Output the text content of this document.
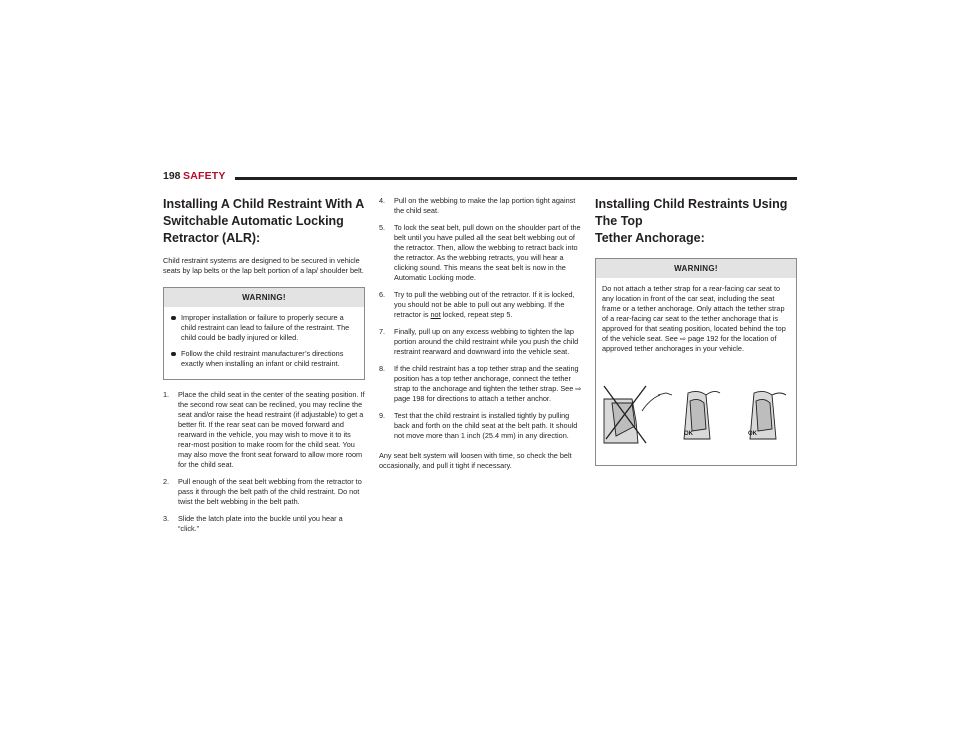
198 SAFETY
Installing A Child Restraint With A
Switchable Automatic Locking
Retractor (ALR):

Child restraint systems are designed to be secured in vehicle seats by lap belts or the lap belt portion of a lap/ shoulder belt.

WARNING!
Improper installation or failure to properly secure a child restraint can lead to failure of the restraint. The child could be badly injured or killed.
Follow the child restraint manufacturer’s directions exactly when installing an infant or child restraint.
1. Place the child seat in the center of the seating position. If the second row seat can be reclined, you may recline the seat and/or raise the head restraint (if adjustable) to get a better fit. If the rear seat can be moved forward and rearward in the vehicle, you may wish to move it to its rear-most position to make room for the child seat. You may also move the front seat forward to allow more room for the child seat.
2. Pull enough of the seat belt webbing from the retractor to pass it through the belt path of the child restraint. Do not twist the belt webbing in the belt path.
3. Slide the latch plate into the buckle until you hear a “click.”
4. Pull on the webbing to make the lap portion tight against the child seat.
5. To lock the seat belt, pull down on the shoulder part of the belt until you have pulled all the seat belt webbing out of the retractor. Then, allow the webbing to retract back into the retractor. As the webbing retracts, you will hear a clicking sound. This means the seat belt is now in the Automatic Locking mode.
6. Try to pull the webbing out of the retractor. If it is locked, you should not be able to pull out any webbing. If the retractor is not locked, repeat step 5.
7. Finally, pull up on any excess webbing to tighten the lap portion around the child restraint while you push the child restraint rearward and downward into the vehicle seat.
8. If the child restraint has a top tether strap and the seating position has a top tether anchorage, connect the tether strap to the anchorage and tighten the tether strap. See ⇨ page 198 for directions to attach a tether anchor.
9. Test that the child restraint is installed tightly by pulling back and forth on the child seat at the belt path. It should not move more than 1 inch (25.4 mm) in any direction.

Any seat belt system will loosen with time, so check the belt occasionally, and pull it tight if necessary.

Installing Child Restraints Using The Top
Tether Anchorage:
WARNING!

Do not attach a tether strap for a rear-facing car seat to any location in front of the car seat, including the seat frame or a tether anchorage. Only attach the tether strap of a rear-facing car seat to the tether anchorage that is approved for that seating position, located behind the top of the vehicle seat. See ⇨ page 192 for the location of approved tether anchorages in your vehicle.

OK	OK
